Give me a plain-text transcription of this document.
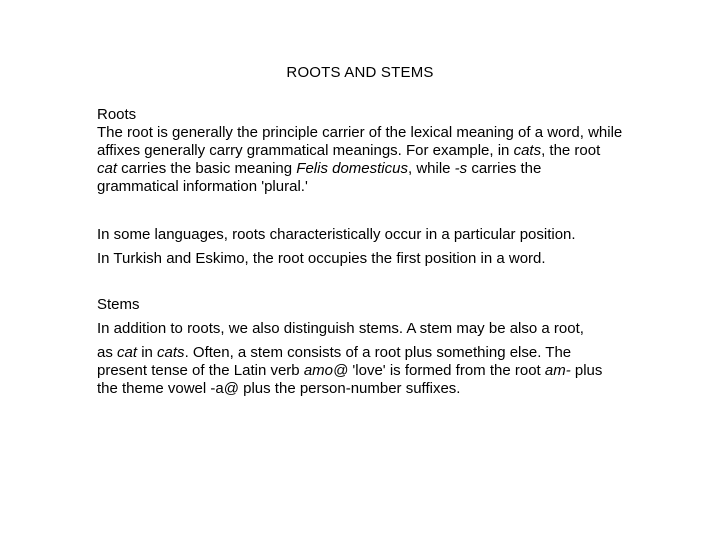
ROOTS AND STEMS
Roots
The root is generally the principle carrier of the lexical meaning of a word, while
affixes generally carry grammatical meanings. For example, in cats, the root
cat carries the basic meaning Felis domesticus, while -s carries the
grammatical information 'plural.'
In some languages, roots characteristically occur in a particular position.
In Turkish and Eskimo, the root occupies the first position in a word.
Stems
In addition to roots, we also distinguish stems. A stem may be also a root,
as cat in cats. Often, a stem consists of a root plus something else. The
present tense of the Latin verb amo@ 'love' is formed from the root am- plus
the theme vowel -a@ plus the person-number suffixes.
